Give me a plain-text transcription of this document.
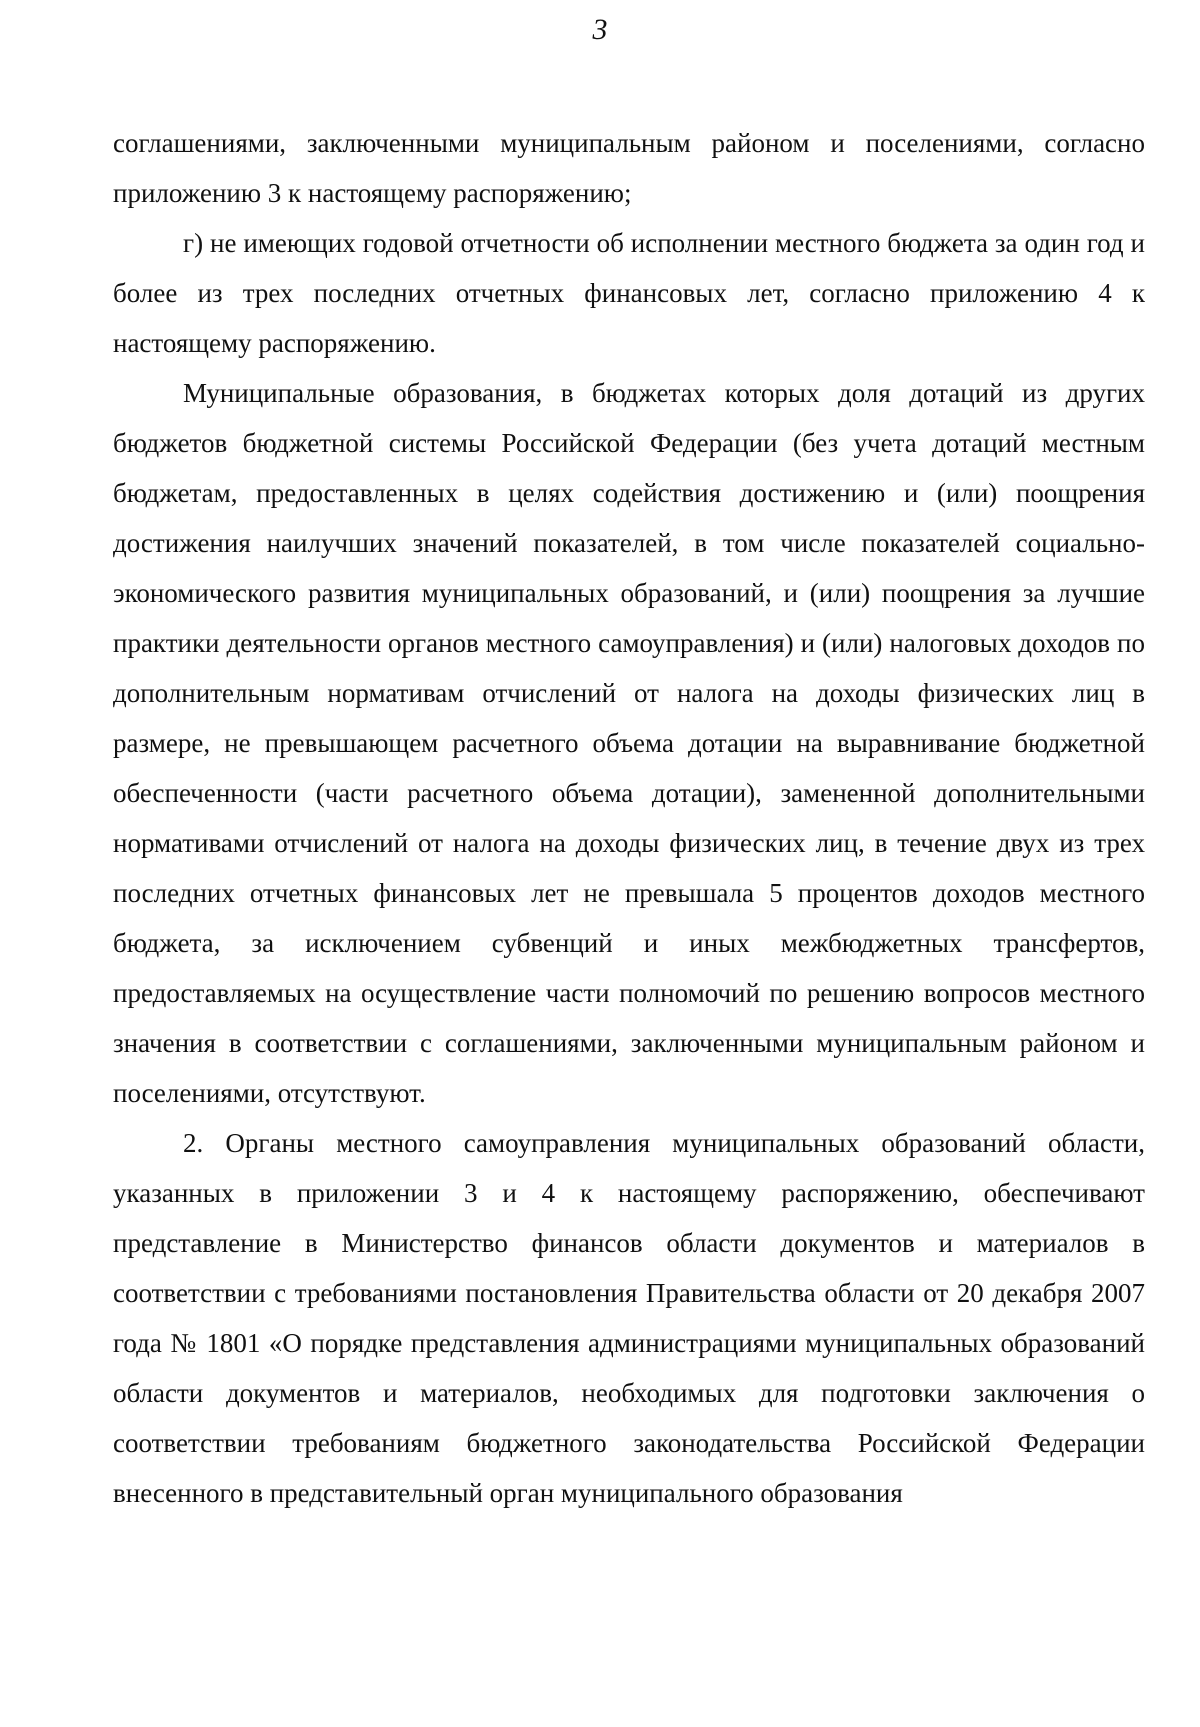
3

соглашениями, заключенными муниципальным районом и поселениями, согласно приложению 3 к настоящему распоряжению;

г) не имеющих годовой отчетности об исполнении местного бюджета за один год и более из трех последних отчетных финансовых лет, согласно приложению 4 к настоящему распоряжению.

Муниципальные образования, в бюджетах которых доля дотаций из других бюджетов бюджетной системы Российской Федерации (без учета дотаций местным бюджетам, предоставленных в целях содействия достижению и (или) поощрения достижения наилучших значений показателей, в том числе показателей социально-экономического развития муниципальных образований, и (или) поощрения за лучшие практики деятельности органов местного самоуправления) и (или) налоговых доходов по дополнительным нормативам отчислений от налога на доходы физических лиц в размере, не превышающем расчетного объема дотации на выравнивание бюджетной обеспеченности (части расчетного объема дотации), замененной дополнительными нормативами отчислений от налога на доходы физических лиц, в течение двух из трех последних отчетных финансовых лет не превышала 5 процентов доходов местного бюджета, за исключением субвенций и иных межбюджетных трансфертов, предоставляемых на осуществление части полномочий по решению вопросов местного значения в соответствии с соглашениями, заключенными муниципальным районом и поселениями, отсутствуют.

2. Органы местного самоуправления муниципальных образований области, указанных в приложении 3 и 4 к настоящему распоряжению, обеспечивают представление в Министерство финансов области документов и материалов в соответствии с требованиями постановления Правительства области от 20 декабря 2007 года № 1801 «О порядке представления администрациями муниципальных образований области документов и материалов, необходимых для подготовки заключения о соответствии требованиям бюджетного законодательства Российской Федерации внесенного в представительный орган муниципального образования
